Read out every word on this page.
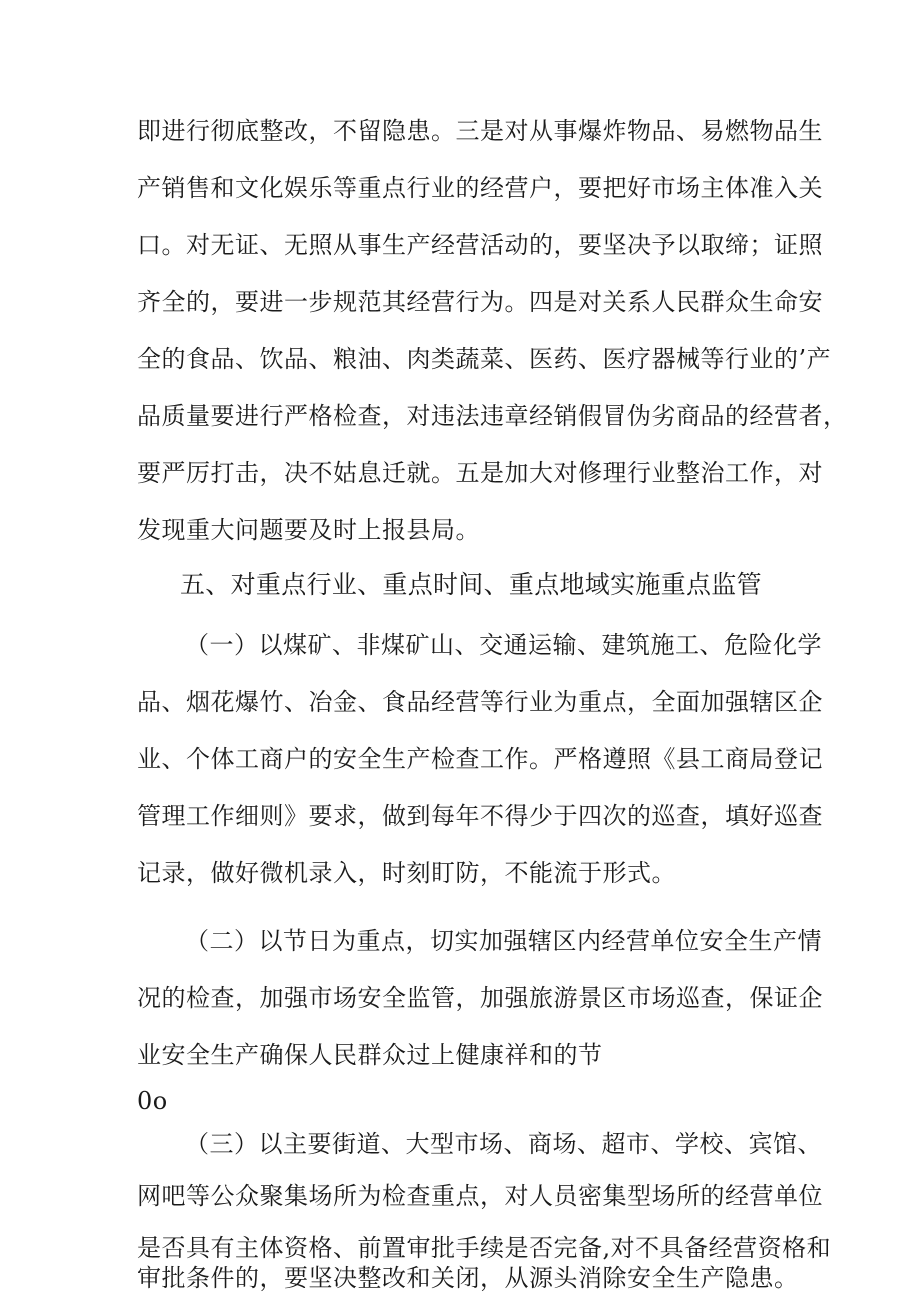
即进行彻底整改，不留隐患。三是对从事爆炸物品、易燃物品生
产销售和文化娱乐等重点行业的经营户，要把好市场主体准入关
口。对无证、无照从事生产经营活动的，要坚决予以取缔；证照
齐全的，要进一步规范其经营行为。四是对关系人民群众生命安
全的食品、饮品、粮油、肉类蔬菜、医药、医疗器械等行业的’产
品质量要进行严格检查，对违法违章经销假冒伪劣商品的经营者，
要严厉打击，决不姑息迁就。五是加大对修理行业整治工作，对
发现重大问题要及时上报县局。
五、对重点行业、重点时间、重点地域实施重点监管
（一）以煤矿、非煤矿山、交通运输、建筑施工、危险化学
品、烟花爆竹、冶金、食品经营等行业为重点，全面加强辖区企
业、个体工商户的安全生产检查工作。严格遵照《县工商局登记
管理工作细则》要求，做到每年不得少于四次的巡查，填好巡查
记录，做好微机录入，时刻盯防，不能流于形式。
（二）以节日为重点，切实加强辖区内经营单位安全生产情
况的检查，加强市场安全监管，加强旅游景区市场巡查，保证企
业安全生产确保人民群众过上健康祥和的节
0o
（三）以主要街道、大型市场、商场、超市、学校、宾馆、
网吧等公众聚集场所为检查重点，对人员密集型场所的经营单位
是否具有主体资格、前置审批手续是否完备,对不具备经营资格和
审批条件的，要坚决整改和关闭，从源头消除安全生产隐患。
